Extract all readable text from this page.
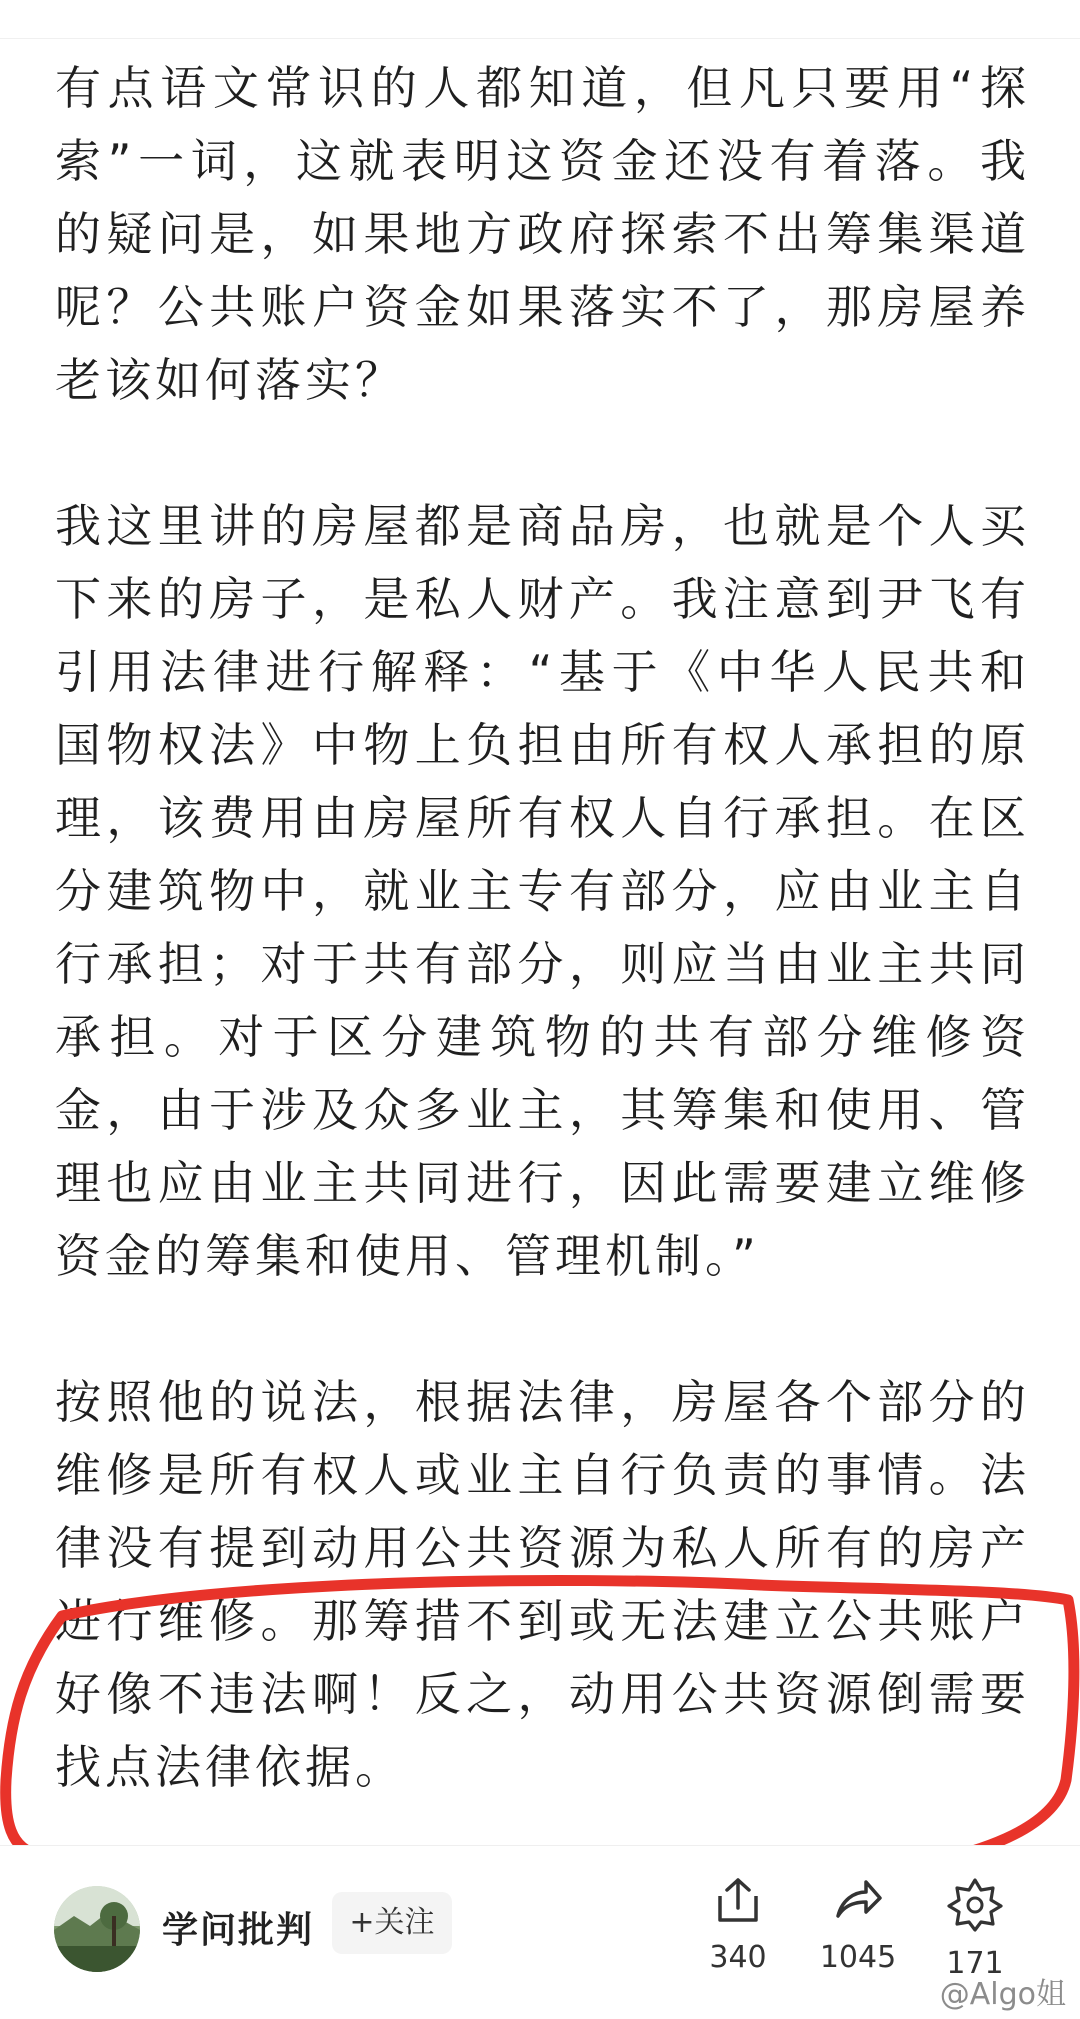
有点语文常识的人都知道，但凡只要用“探索”一词，这就表明这资金还没有着落。我的疑问是，如果地方政府探索不出筹集渠道呢？公共账户资金如果落实不了，那房屋养老该如何落实？

我这里讲的房屋都是商品房，也就是个人买下来的房子，是私人财产。我注意到尹飞有引用法律进行解释：“基于《中华人民共和国物权法》中物上负担由所有权人承担的原理，该费用由房屋所有权人自行承担。在区分建筑物中，就业主专有部分，应由业主自行承担；对于共有部分，则应当由业主共同承担。对于区分建筑物的共有部分维修资金，由于涉及众多业主，其筹集和使用、管理也应由业主共同进行，因此需要建立维修资金的筹集和使用、管理机制。”

按照他的说法，根据法律，房屋各个部分的维修是所有权人或业主自行负责的事情。法律没有提到动用公共资源为私人所有的房产进行维修。那筹措不到或无法建立公共账户好像不违法啊！反之，动用公共资源倒需要找点法律依据。

学问批判	+关注
340	1045	171
@Algo姐
